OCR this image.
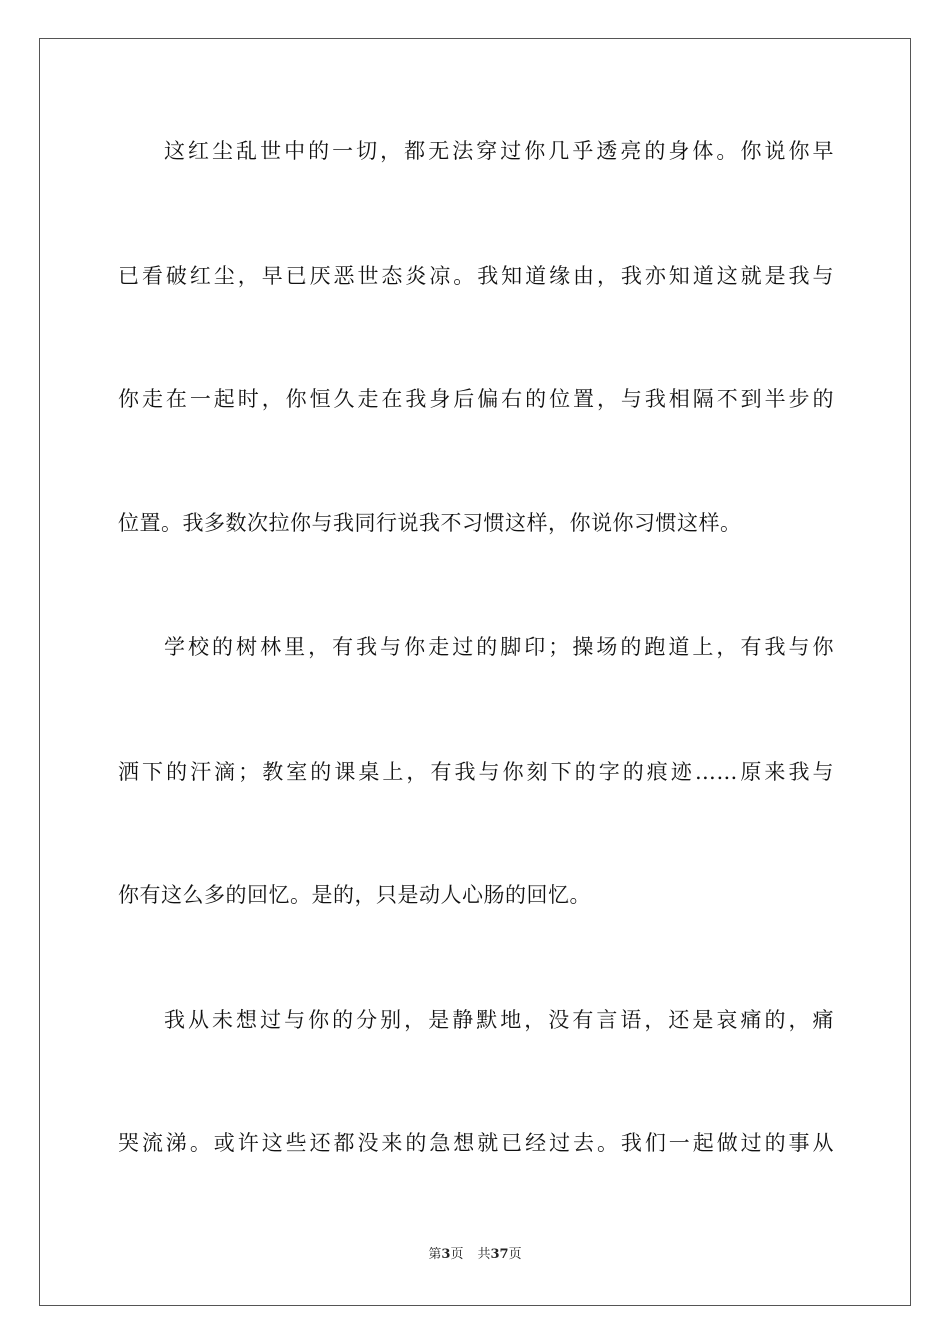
这红尘乱世中的一切，都无法穿过你几乎透亮的身体。你说你早
已看破红尘，早已厌恶世态炎凉。我知道缘由，我亦知道这就是我与
你走在一起时，你恒久走在我身后偏右的位置，与我相隔不到半步的
位置。我多数次拉你与我同行说我不习惯这样，你说你习惯这样。
学校的树林里，有我与你走过的脚印；操场的跑道上，有我与你
洒下的汗滴；教室的课桌上，有我与你刻下的字的痕迹……原来我与
你有这么多的回忆。是的，只是动人心肠的回忆。
我从未想过与你的分别，是静默地，没有言语，还是哀痛的，痛
哭流涕。或许这些还都没来的急想就已经过去。我们一起做过的事从
第3页 共37页
